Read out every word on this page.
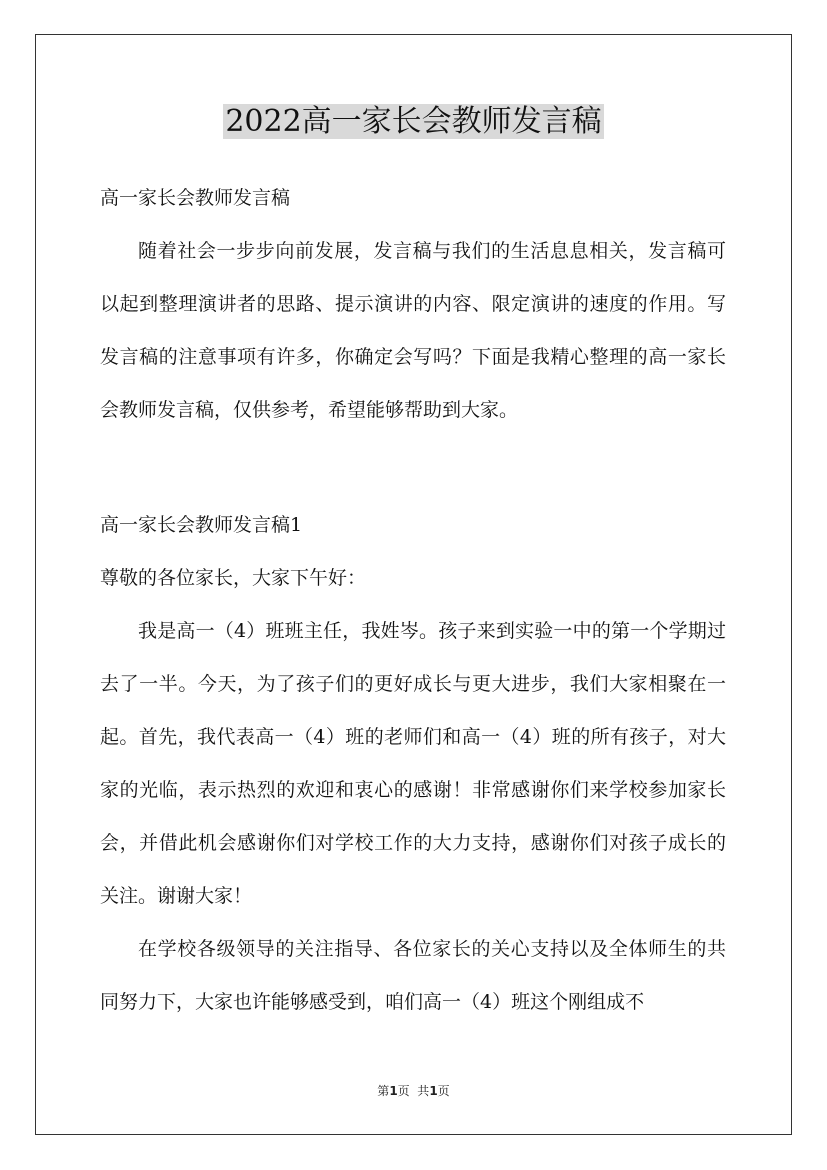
2022高一家长会教师发言稿

高一家长会教师发言稿

随着社会一步步向前发展，发言稿与我们的生活息息相关，发言稿可以起到整理演讲者的思路、提示演讲的内容、限定演讲的速度的作用。写发言稿的注意事项有许多，你确定会写吗？下面是我精心整理的高一家长会教师发言稿，仅供参考，希望能够帮助到大家。

高一家长会教师发言稿1

尊敬的各位家长，大家下午好：

我是高一（4）班班主任，我姓岑。孩子来到实验一中的第一个学期过去了一半。今天，为了孩子们的更好成长与更大进步，我们大家相聚在一起。首先，我代表高一（4）班的老师们和高一（4）班的所有孩子，对大家的光临，表示热烈的欢迎和衷心的感谢！非常感谢你们来学校参加家长会，并借此机会感谢你们对学校工作的大力支持，感谢你们对孩子成长的关注。谢谢大家！

在学校各级领导的关注指导、各位家长的关心支持以及全体师生的共同努力下，大家也许能够感受到，咱们高一（4）班这个刚组成不

第1页  共1页
